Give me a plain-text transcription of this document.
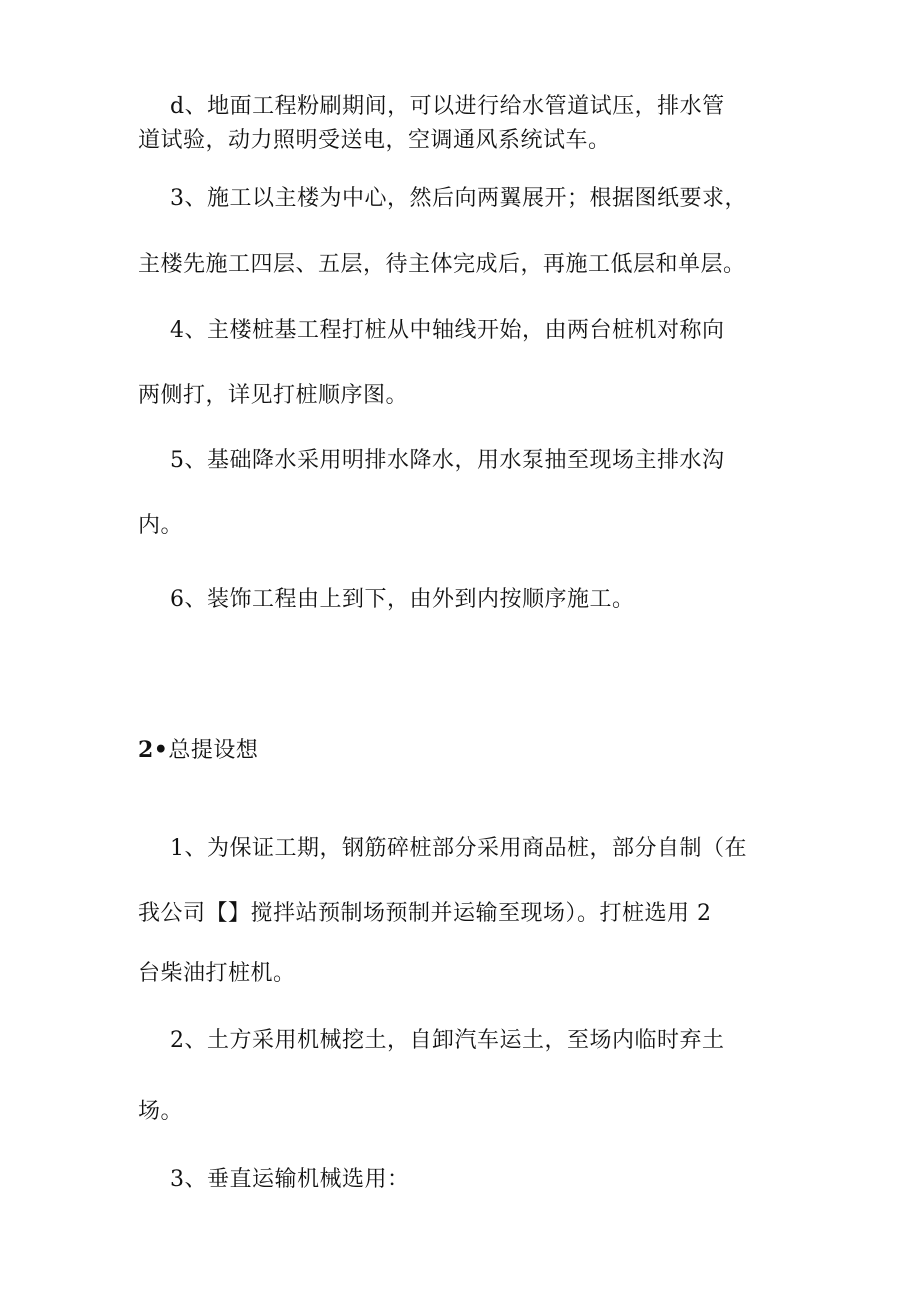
d、地面工程粉刷期间，可以进行给水管道试压，排水管
道试验，动力照明受送电，空调通风系统试车。
3、施工以主楼为中心，然后向两翼展开；根据图纸要求，
主楼先施工四层、五层，待主体完成后，再施工低层和单层。
4、主楼桩基工程打桩从中轴线开始，由两台桩机对称向
两侧打，详见打桩顺序图。
5、基础降水采用明排水降水，用水泵抽至现场主排水沟
内。
6、装饰工程由上到下，由外到内按顺序施工。
2•总提设想
1、为保证工期，钢筋碎桩部分采用商品桩，部分自制（在
我公司【】搅拌站预制场预制并运输至现场）。打桩选用 2
台柴油打桩机。
2、土方采用机械挖土，自卸汽车运土，至场内临时弃土
场。
3、垂直运输机械选用：
